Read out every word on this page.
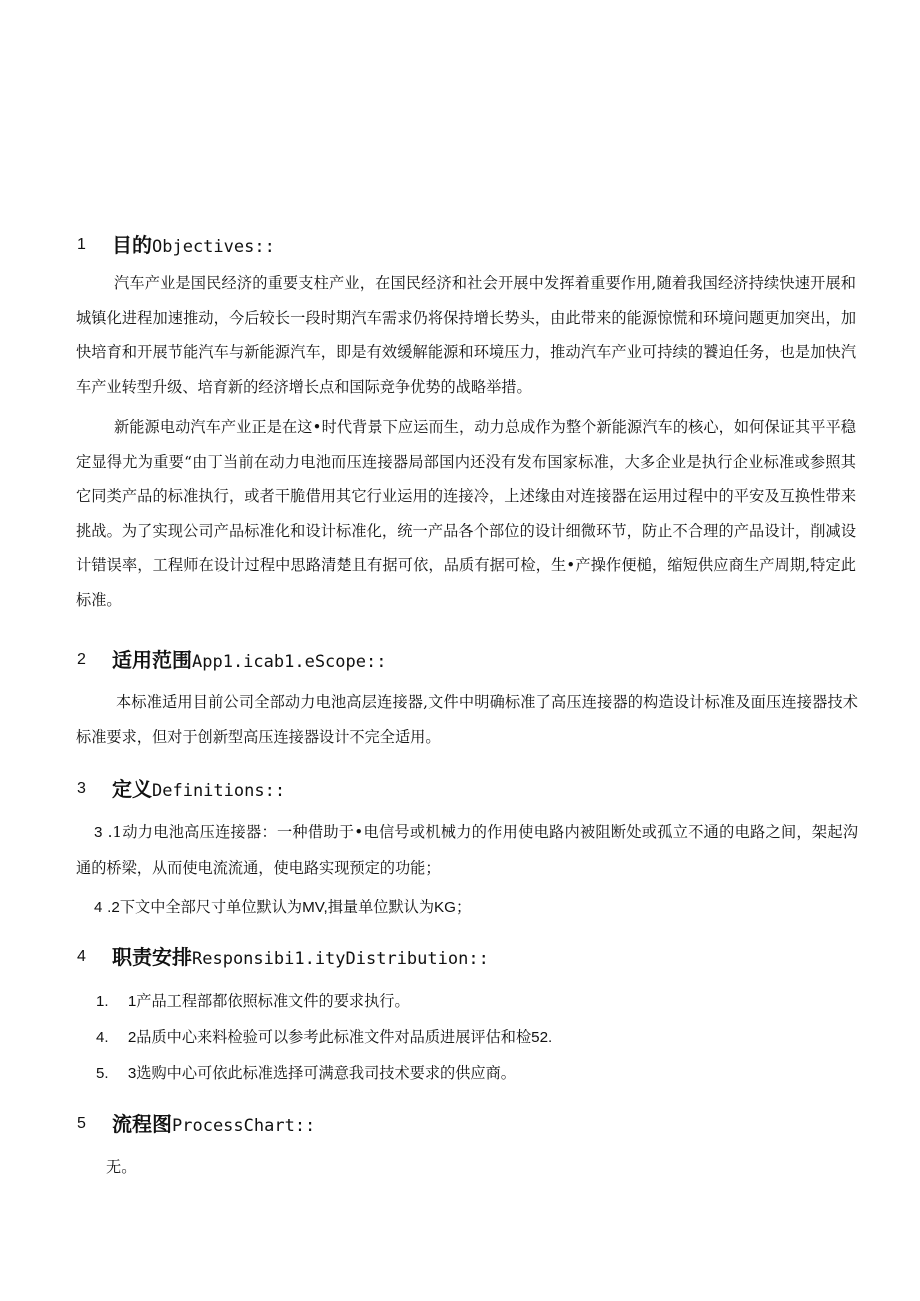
1 目的Objectives::

汽车产业是国民经济的重要支柱产业，在国民经济和社会开展中发挥着重要作用,随着我国经济持续快速开展和城镇化进程加速推动，今后较长一段时期汽车需求仍将保持增长势头，由此带来的能源惊慌和环境问题更加突出，加快培育和开展节能汽车与新能源汽车，即是有效缓解能源和环境压力，推动汽车产业可持续的饕迫任务，也是加快汽车产业转型升级、培育新的经济增长点和国际竞争优势的战略举措。

新能源电动汽车产业正是在这•时代背景下应运而生，动力总成作为整个新能源汽车的核心，如何保证其平平稳定显得尤为重要“由丁当前在动力电池而压连接器局部国内还没有发布国家标准，大多企业是执行企业标准或参照其它同类产品的标准执行，或者干脆借用其它行业运用的连接冷，上述缘由对连接器在运用过程中的平安及互换性带来挑战。为了实现公司产品标准化和设计标准化，统一产品各个部位的设计细微环节，防止不合理的产品设计，削减设计错误率，工程师在设计过程中思路清楚且有据可依，品质有据可检，生•产操作便槌，缩短供应商生产周期,特定此标准。

2 适用范围App1.icab1.eScope::

本标准适用目前公司全部动力电池高层连接器,文件中明确标准了高压连接器的构造设计标准及面压连接器技术标准要求，但对于创新型高压连接器设计不完全适用。

3 定义Definitions::

3 .1动力电池高压连接器：一种借助于•电信号或机械力的作用使电路内被阻断处或孤立不通的电路之间，架起沟通的桥梁，从而使电流流通，使电路实现预定的功能；

4 .2下文中全部尺寸单位默认为MV,揖量单位默认为KG；
4 职责安排Responsibi1.ityDistribution::
1. 1产品工程部都依照标准文件的要求执行。
4. 2品质中心来料检验可以参考此标准文件对品质进展评估和检52.
5. 3选购中心可依此标准选择可满意我司技术要求的供应商。
5 流程图ProcessChart::
无。
